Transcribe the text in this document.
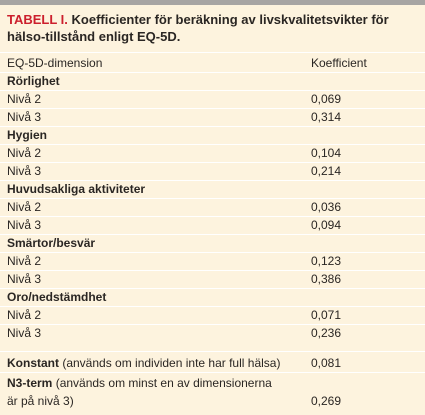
TABELL I. Koefficienter för beräkning av livskvalitetsvikter för hälso-tillstånd enligt EQ-5D.
EQ-5D-dimension	Koefficient
Rörlighet
Nivå 2	0,069
Nivå 3	0,314
Hygien
Nivå 2	0,104
Nivå 3	0,214
Huvudsakliga aktiviteter
Nivå 2	0,036
Nivå 3	0,094
Smärtor/besvär
Nivå 2	0,123
Nivå 3	0,386
Oro/nedstämdhet
Nivå 2	0,071
Nivå 3	0,236
Konstant (används om individen inte har full hälsa)	0,081
N3-term (används om minst en av dimensionerna
är på nivå 3)	0,269
